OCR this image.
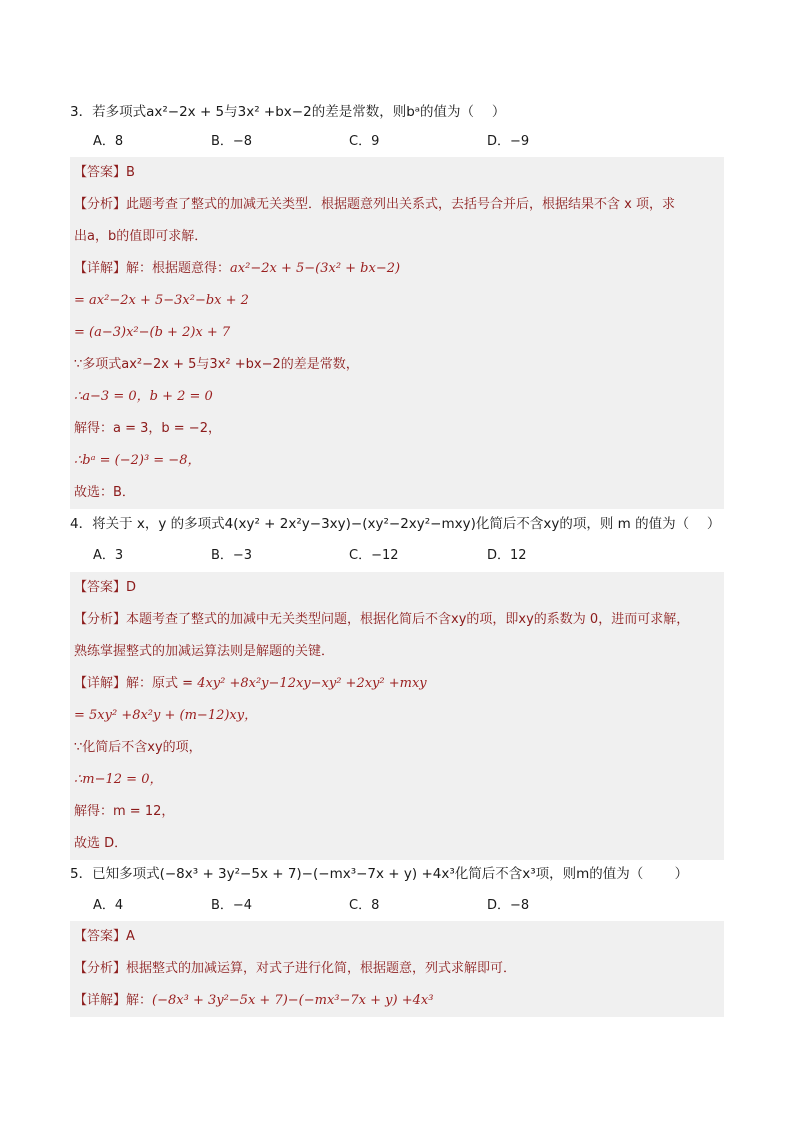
3．若多项式ax²−2x + 5与3x² +bx−2的差是常数，则bᵃ的值为（　 ）
A．8	B．−8	C．9	D．−9
【答案】B
【分析】此题考查了整式的加减无关类型．根据题意列出关系式，去括号合并后，根据结果不含 x 项，求
出a，b的值即可求解．
【详解】解：根据题意得：ax²−2x + 5−(3x² + bx−2)
= ax²−2x + 5−3x²−bx + 2
= (a−3)x²−(b + 2)x + 7
∵多项式ax²−2x + 5与3x² +bx−2的差是常数，
∴a−3 = 0，b + 2 = 0
解得：a = 3，b = −2，
∴bᵃ = (−2)³ = −8，
故选：B．
4．将关于 x，y 的多项式4(xy² + 2x²y−3xy)−(xy²−2xy²−mxy)化简后不含xy的项，则 m 的值为（　 ）
A．3	B．−3	C．−12	D．12
【答案】D
【分析】本题考查了整式的加减中无关类型问题，根据化简后不含xy的项，即xy的系数为 0，进而可求解，
熟练掌握整式的加减运算法则是解题的关键．
【详解】解：原式 = 4xy² +8x²y−12xy−xy² +2xy² +mxy
= 5xy² +8x²y + (m−12)xy，
∵化简后不含xy的项，
∴m−12 = 0，
解得：m = 12，
故选 D．
5．已知多项式(−8x³ + 3y²−5x + 7)−(−mx³−7x + y) +4x³化简后不含x³项，则m的值为（　　 ）
A．4	B．−4	C．8	D．−8
【答案】A
【分析】根据整式的加减运算，对式子进行化简，根据题意，列式求解即可．
【详解】解：(−8x³ + 3y²−5x + 7)−(−mx³−7x + y) +4x³
